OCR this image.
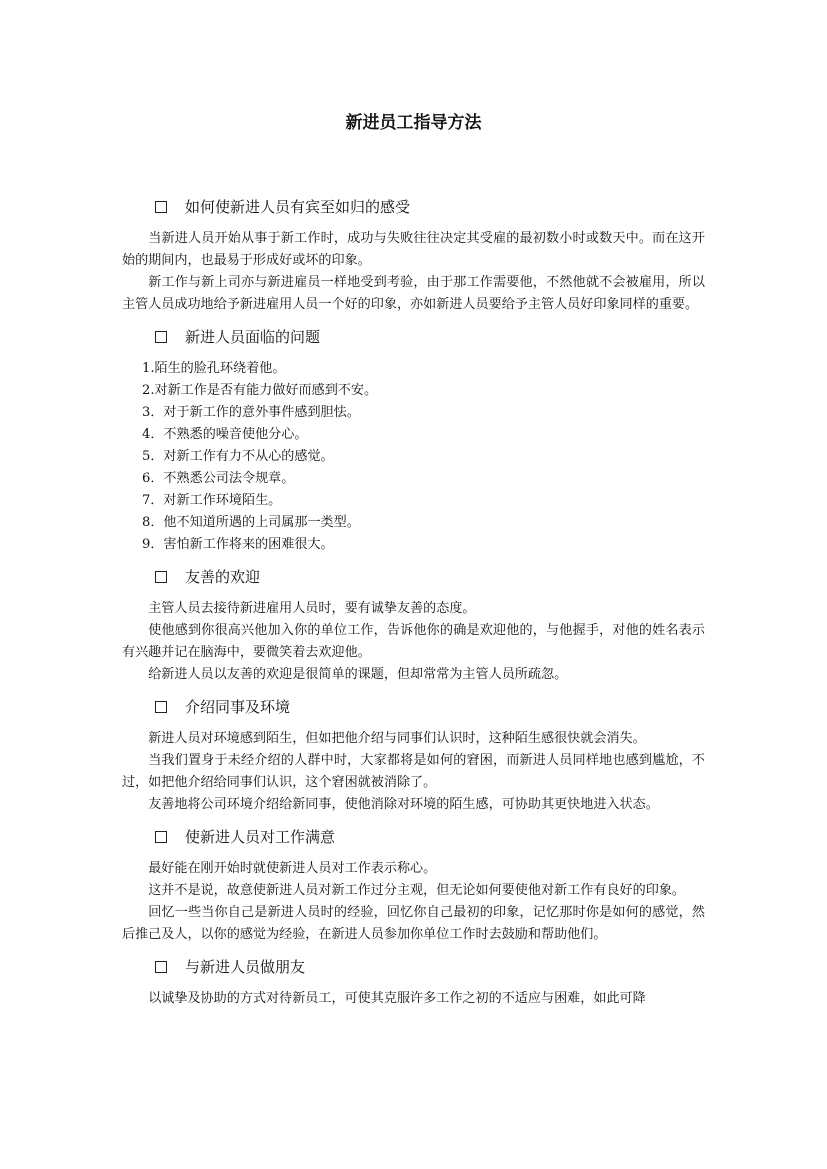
新进员工指导方法
如何使新进人员有宾至如归的感受

当新进人员开始从事于新工作时，成功与失败往往决定其受雇的最初数小时或数天中。而在这开始的期间内，也最易于形成好或坏的印象。

新工作与新上司亦与新进雇员一样地受到考验，由于那工作需要他，不然他就不会被雇用，所以主管人员成功地给予新进雇用人员一个好的印象，亦如新进人员要给予主管人员好印象同样的重要。

新进人员面临的问题

1.陌生的脸孔环绕着他。

2.对新工作是否有能力做好而感到不安。

3．对于新工作的意外事件感到胆怯。

4．不熟悉的噪音使他分心。

5．对新工作有力不从心的感觉。

6．不熟悉公司法令规章。

7．对新工作环境陌生。

8．他不知道所遇的上司属那一类型。

9．害怕新工作将来的困难很大。

友善的欢迎

主管人员去接待新进雇用人员时，要有诚挚友善的态度。

使他感到你很高兴他加入你的单位工作，告诉他你的确是欢迎他的，与他握手，对他的姓名表示有兴趣并记在脑海中，要微笑着去欢迎他。

给新进人员以友善的欢迎是很简单的课题，但却常常为主管人员所疏忽。

介绍同事及环境

新进人员对环境感到陌生，但如把他介绍与同事们认识时，这种陌生感很快就会消失。

当我们置身于未经介绍的人群中时，大家都将是如何的窘困，而新进人员同样地也感到尴尬，不过，如把他介绍给同事们认识，这个窘困就被消除了。

友善地将公司环境介绍给新同事，使他消除对环境的陌生感，可协助其更快地进入状态。

使新进人员对工作满意

最好能在刚开始时就使新进人员对工作表示称心。

这并不是说，故意使新进人员对新工作过分主观，但无论如何要使他对新工作有良好的印象。

回忆一些当你自己是新进人员时的经验，回忆你自己最初的印象，记忆那时你是如何的感觉，然后推己及人，以你的感觉为经验，在新进人员参加你单位工作时去鼓励和帮助他们。

与新进人员做朋友

以诚挚及协助的方式对待新员工，可使其克服许多工作之初的不适应与困难，如此可降
